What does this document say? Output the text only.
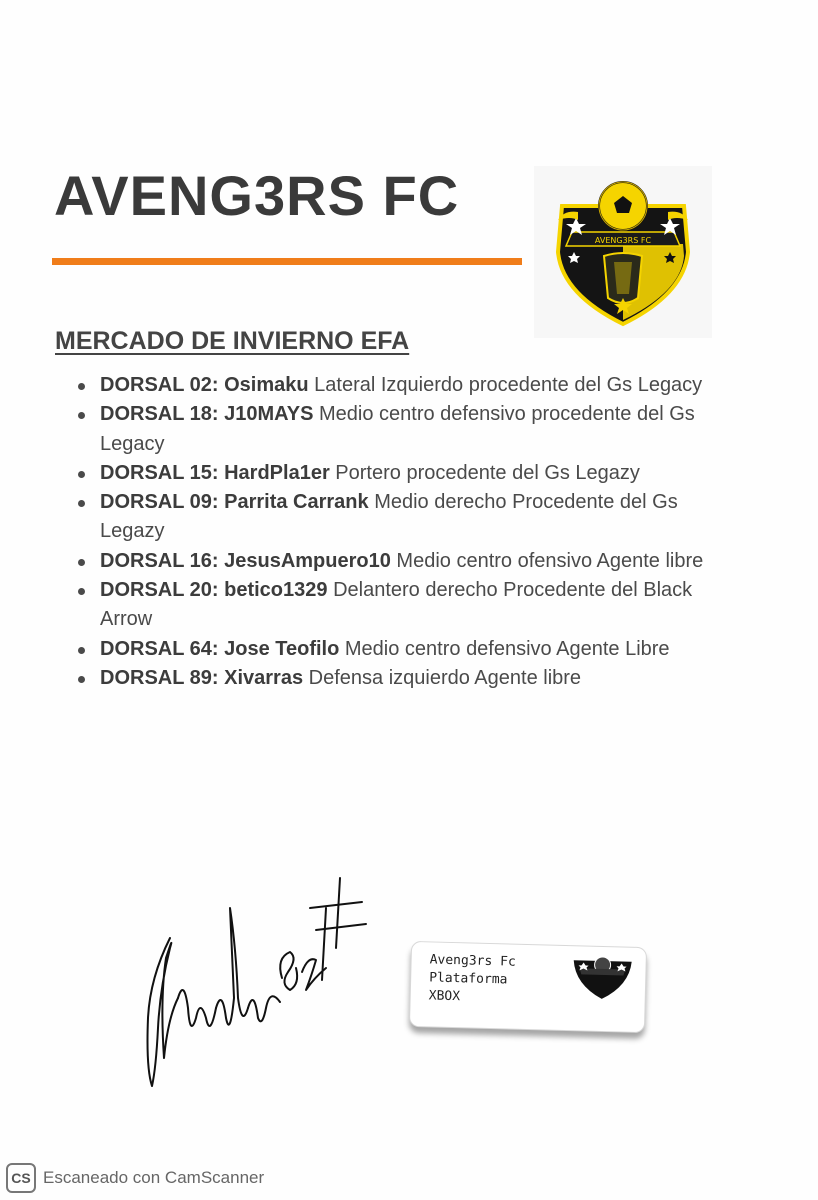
AVENG3RS FC
AVENG3RS FC
MERCADO DE INVIERNO EFA
DORSAL 02: Osimaku Lateral Izquierdo procedente del Gs Legacy
DORSAL 18: J10MAYS Medio centro defensivo procedente del Gs Legacy
DORSAL 15: HardPla1er Portero procedente del Gs Legazy
DORSAL 09: Parrita Carrank Medio derecho Procedente del Gs Legazy
DORSAL 16: JesusAmpuero10 Medio centro ofensivo Agente libre
DORSAL 20: betico1329 Delantero derecho Procedente del Black Arrow
DORSAL 64: Jose Teofilo Medio centro defensivo Agente Libre
DORSAL 89: Xivarras Defensa izquierdo Agente libre
Aveng3rs Fc
Plataforma
XBOX
CS Escaneado con CamScanner
